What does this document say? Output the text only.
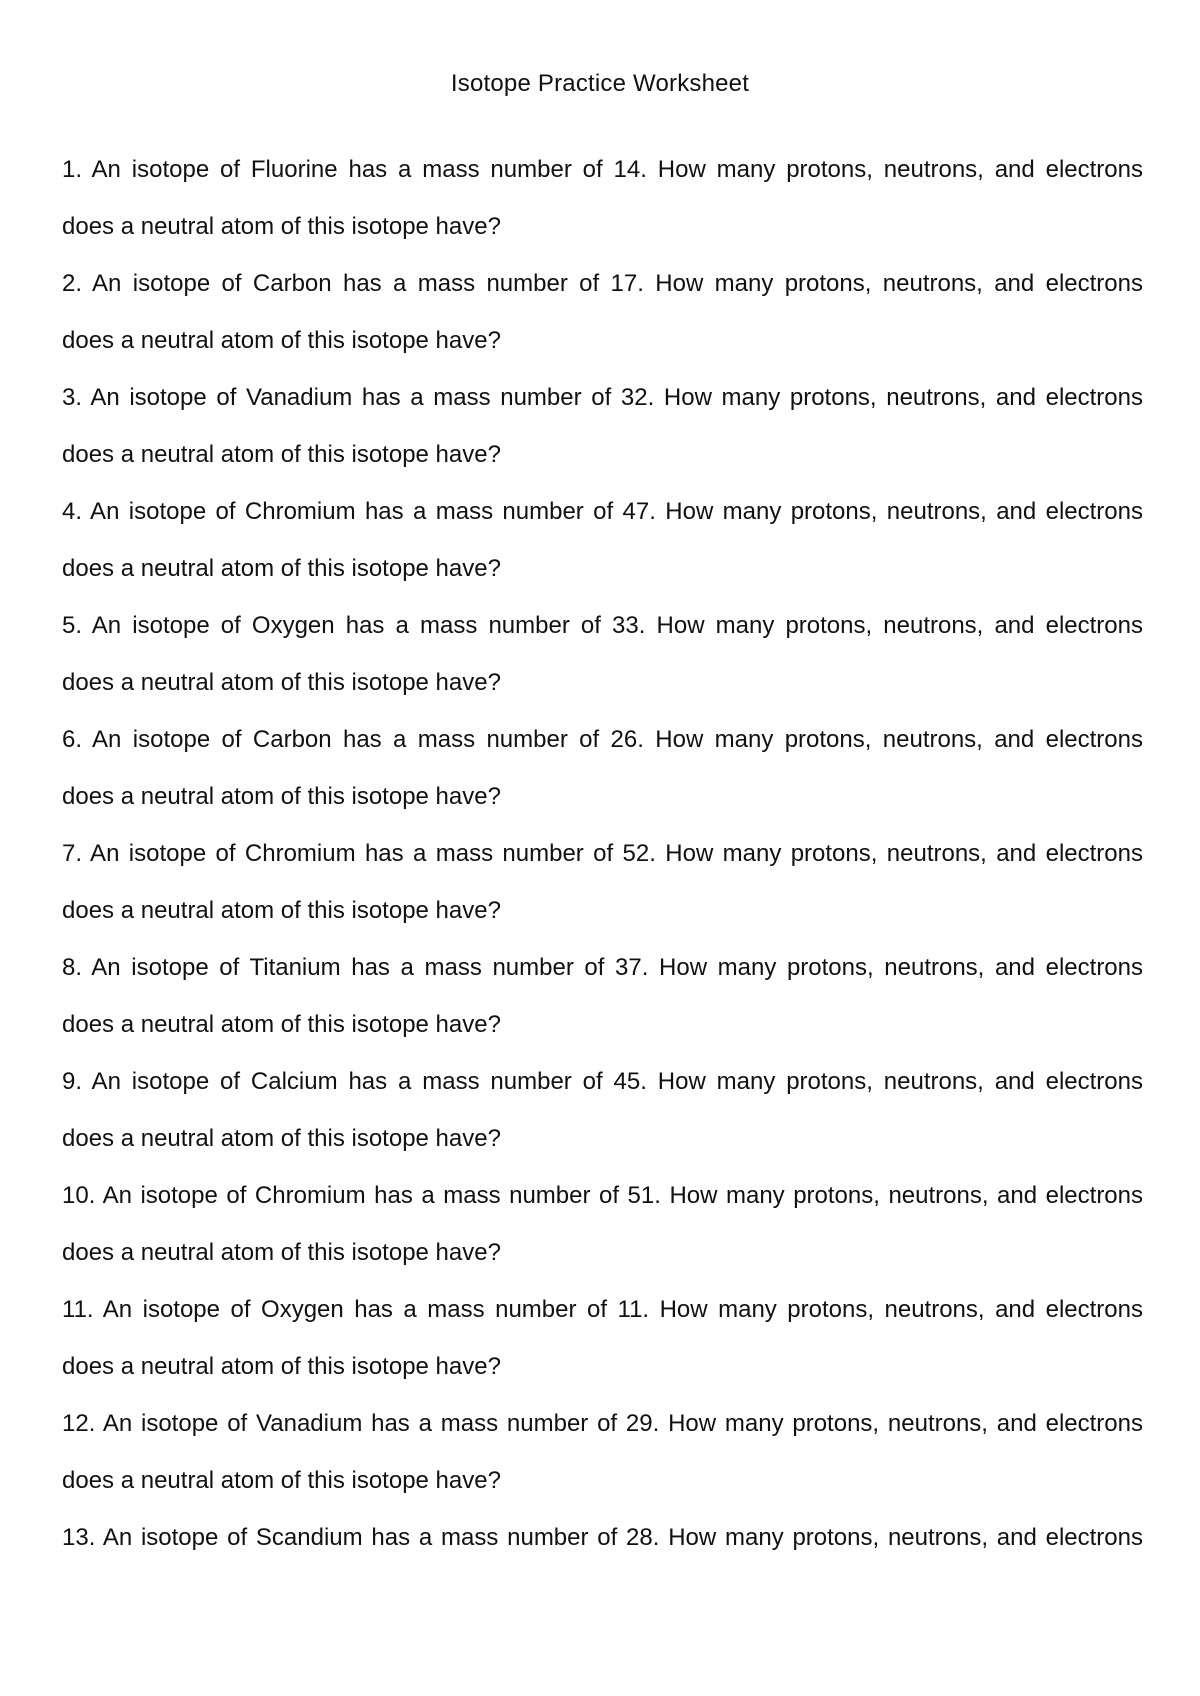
Isotope Practice Worksheet
1. An isotope of Fluorine has a mass number of 14. How many protons, neutrons, and electrons
does a neutral atom of this isotope have?
2. An isotope of Carbon has a mass number of 17. How many protons, neutrons, and electrons
does a neutral atom of this isotope have?
3. An isotope of Vanadium has a mass number of 32. How many protons, neutrons, and electrons
does a neutral atom of this isotope have?
4. An isotope of Chromium has a mass number of 47. How many protons, neutrons, and electrons
does a neutral atom of this isotope have?
5. An isotope of Oxygen has a mass number of 33. How many protons, neutrons, and electrons
does a neutral atom of this isotope have?
6. An isotope of Carbon has a mass number of 26. How many protons, neutrons, and electrons
does a neutral atom of this isotope have?
7. An isotope of Chromium has a mass number of 52. How many protons, neutrons, and electrons
does a neutral atom of this isotope have?
8. An isotope of Titanium has a mass number of 37. How many protons, neutrons, and electrons
does a neutral atom of this isotope have?
9. An isotope of Calcium has a mass number of 45. How many protons, neutrons, and electrons
does a neutral atom of this isotope have?
10. An isotope of Chromium has a mass number of 51. How many protons, neutrons, and electrons
does a neutral atom of this isotope have?
11. An isotope of Oxygen has a mass number of 11. How many protons, neutrons, and electrons
does a neutral atom of this isotope have?
12. An isotope of Vanadium has a mass number of 29. How many protons, neutrons, and electrons
does a neutral atom of this isotope have?
13. An isotope of Scandium has a mass number of 28. How many protons, neutrons, and electrons
